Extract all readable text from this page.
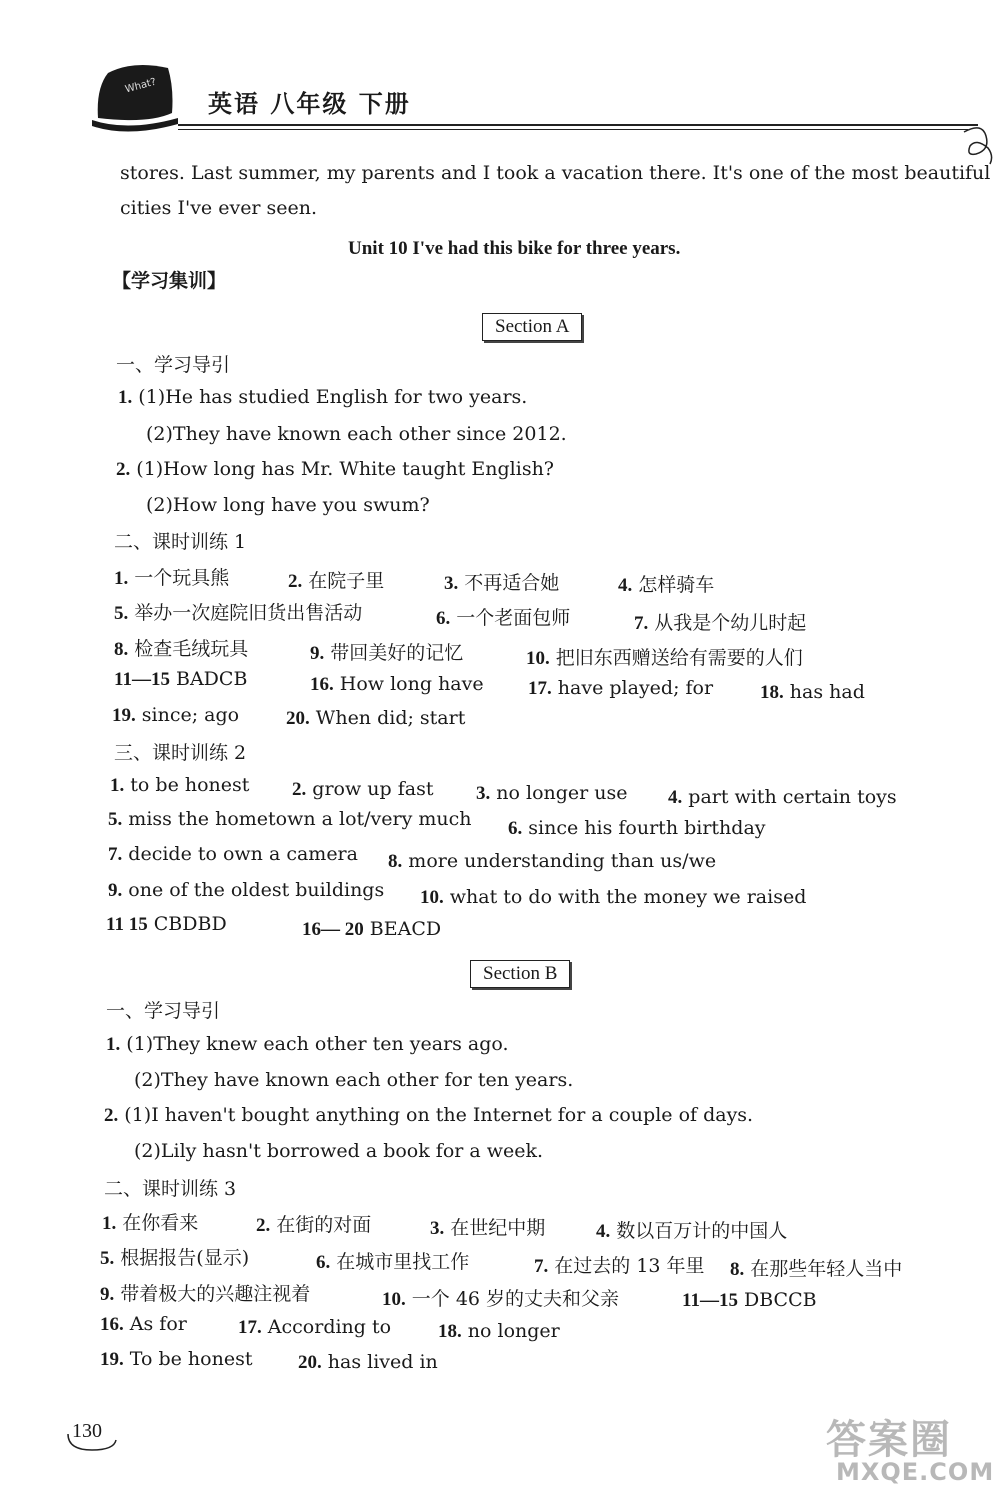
What?
英语 八年级 下册
stores. Last summer, my parents and I took a vacation there. It's one of the most beautiful
cities I've ever seen.
Unit 10 I've had this bike for three years.
【学习集训】
Section A
一、学习导引
1. (1)He has studied English for two years.
(2)They have known each other since 2012.
2. (1)How long has Mr. White taught English?
(2)How long have you swum?
二、课时训练 1
1. 一个玩具熊	2. 在院子里	3. 不再适合她	4. 怎样骑车
5. 举办一次庭院旧货出售活动	6. 一个老面包师	7. 从我是个幼儿时起
8. 检查毛绒玩具	9. 带回美好的记忆	10. 把旧东西赠送给有需要的人们
11—15 BADCB	16. How long have 17. have played; for 18. has had
19. since; ago 20. When did; start
三、课时训练 2
1. to be honest 2. grow up fast 3. no longer use 4. part with certain toys
5. miss the hometown a lot/very much 6. since his fourth birthday
7. decide to own a camera 8. more understanding than us/we
9. one of the oldest buildings 10. what to do with the money we raised
11 15 CBDBD	16— 20 BEACD
Section B
一、学习导引
1. (1)They knew each other ten years ago.
(2)They have known each other for ten years.
2. (1)I haven't bought anything on the Internet for a couple of days.
(2)Lily hasn't borrowed a book for a week.
二、课时训练 3
1. 在你看来	2. 在街的对面	3. 在世纪中期	4. 数以百万计的中国人
5. 根据报告(显示)	6. 在城市里找工作	7. 在过去的 13 年里 8. 在那些年轻人当中
9. 带着极大的兴趣注视着	10. 一个 46 岁的丈夫和父亲	11—15 DBCCB
16. As for	17. According to 18. no longer
19. To be honest 20. has lived in
130	答案圈
MXQE.COM
